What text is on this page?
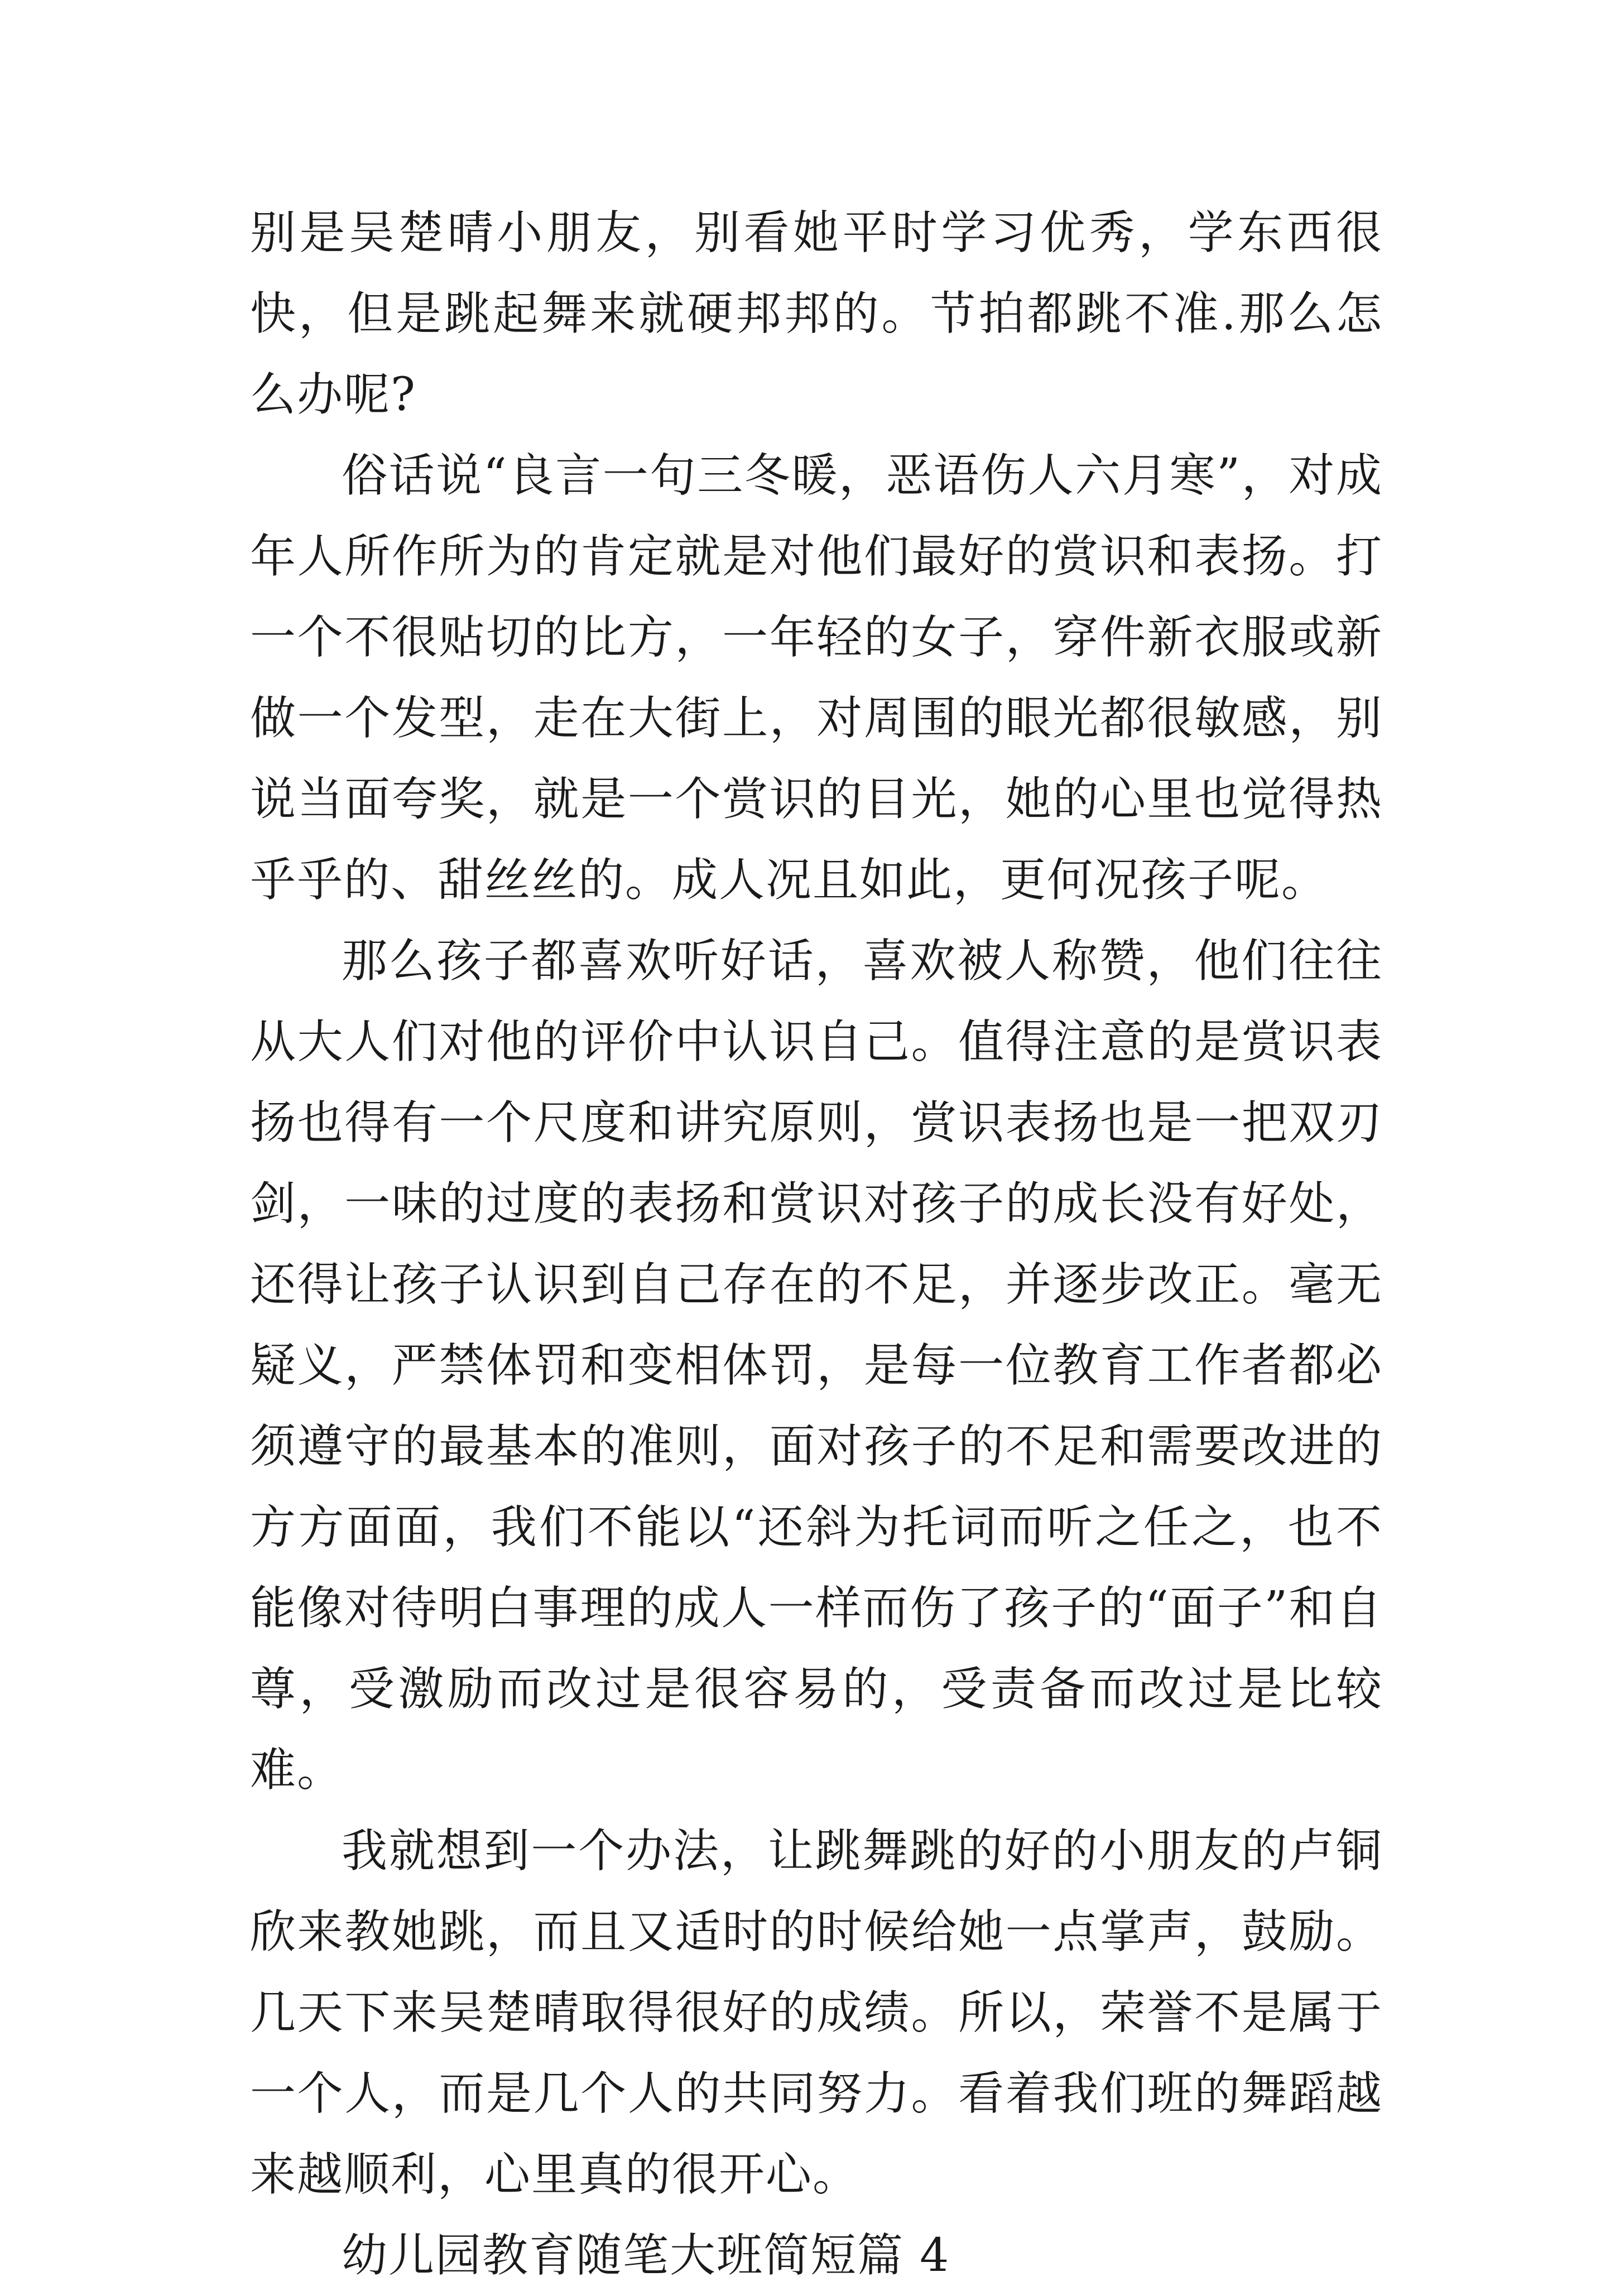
别是吴楚晴小朋友，别看她平时学习优秀，学东西很快，但是跳起舞来就硬邦邦的。节拍都跳不准.那么怎么办呢?

俗话说“良言一句三冬暖，恶语伤人六月寒”，对成年人所作所为的肯定就是对他们最好的赏识和表扬。打一个不很贴切的比方，一年轻的女子，穿件新衣服或新做一个发型，走在大街上，对周围的眼光都很敏感，别说当面夸奖，就是一个赏识的目光，她的心里也觉得热乎乎的、甜丝丝的。成人况且如此，更何况孩子呢。

那么孩子都喜欢听好话，喜欢被人称赞，他们往往从大人们对他的评价中认识自己。值得注意的是赏识表扬也得有一个尺度和讲究原则，赏识表扬也是一把双刃剑，一味的过度的表扬和赏识对孩子的成长没有好处，还得让孩子认识到自己存在的不足，并逐步改正。毫无疑义，严禁体罚和变相体罚，是每一位教育工作者都必须遵守的最基本的准则，面对孩子的不足和需要改进的方方面面，我们不能以“还斜为托词而听之任之，也不能像对待明白事理的成人一样而伤了孩子的“面子”和自尊，受激励而改过是很容易的，受责备而改过是比较难。

我就想到一个办法，让跳舞跳的好的小朋友的卢铜欣来教她跳，而且又适时的时候给她一点掌声，鼓励。几天下来吴楚晴取得很好的成绩。所以，荣誉不是属于一个人，而是几个人的共同努力。看着我们班的舞蹈越来越顺利，心里真的很开心。

幼儿园教育随笔大班简短篇 4
